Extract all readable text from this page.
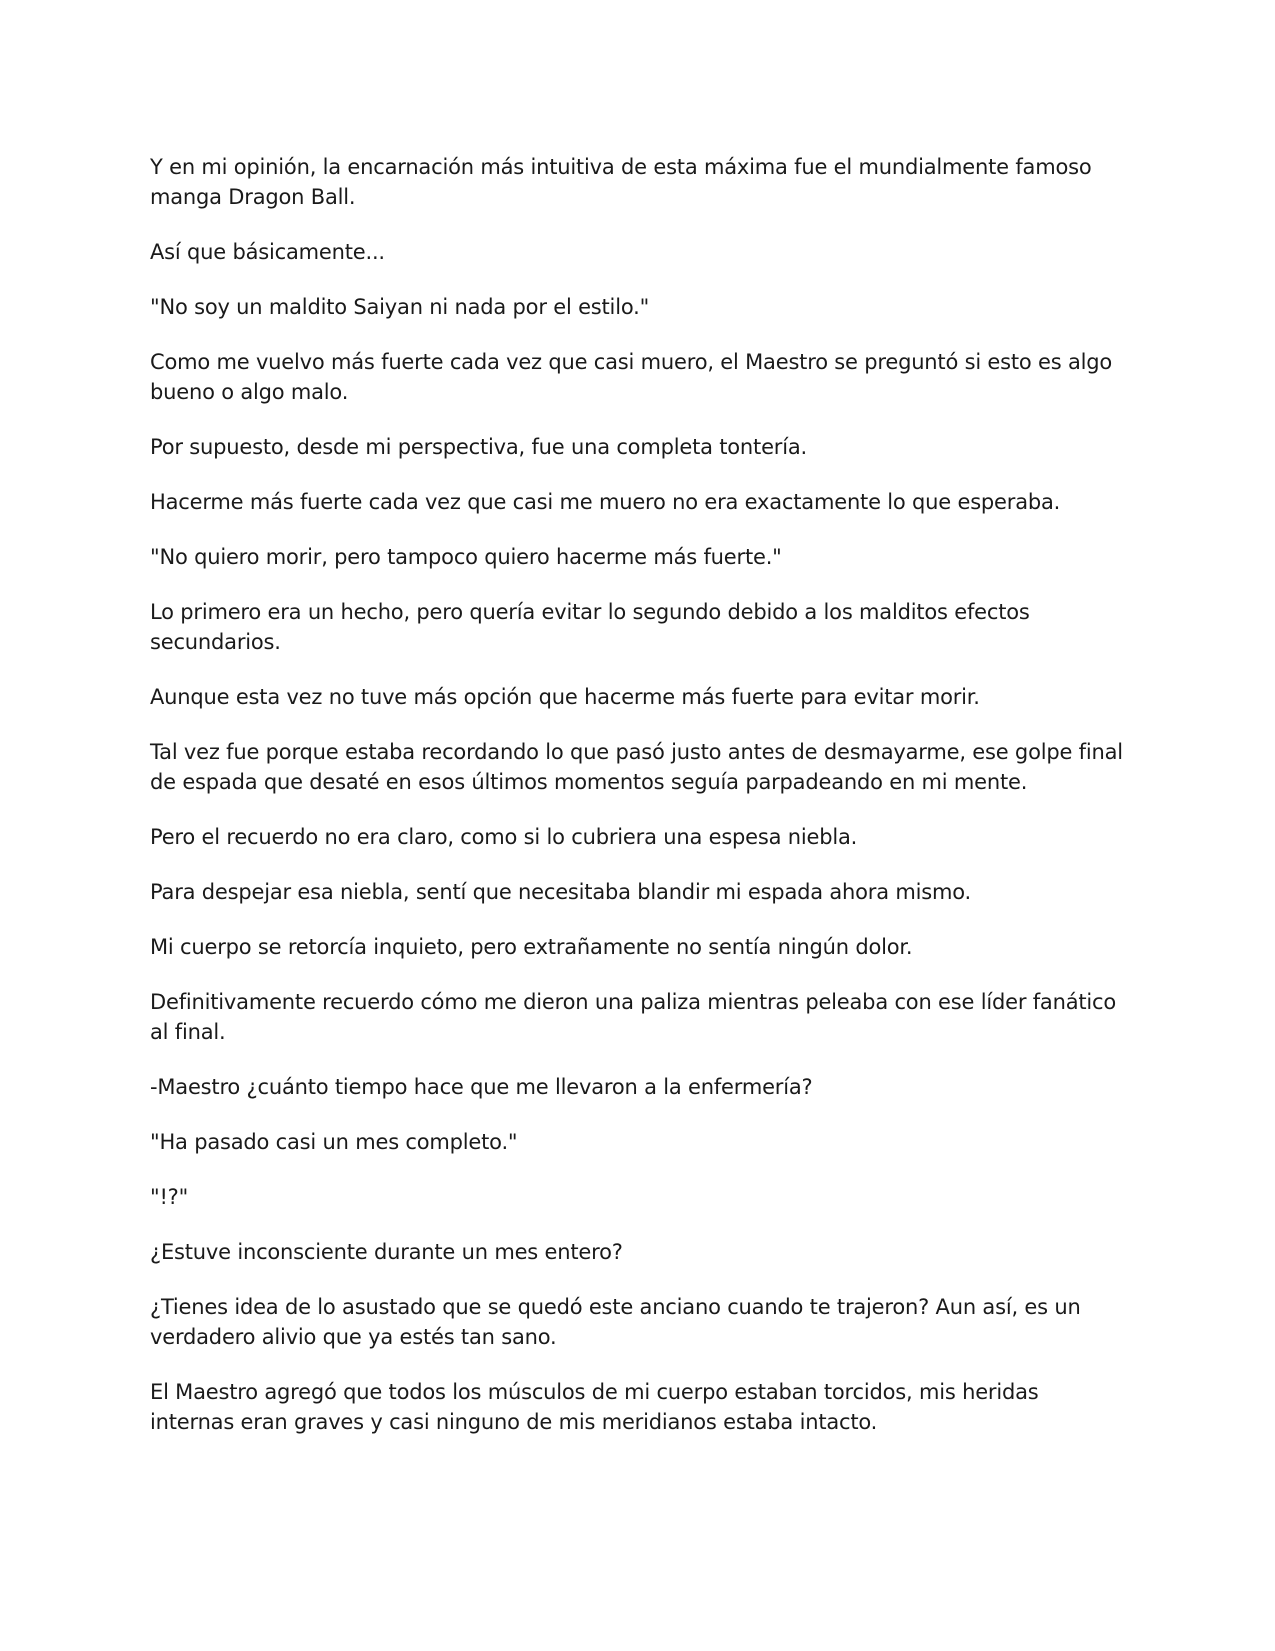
Y en mi opinión, la encarnación más intuitiva de esta máxima fue el mundialmente famoso manga Dragon Ball.

Así que básicamente...

"No soy un maldito Saiyan ni nada por el estilo."

Como me vuelvo más fuerte cada vez que casi muero, el Maestro se preguntó si esto es algo bueno o algo malo.

Por supuesto, desde mi perspectiva, fue una completa tontería.

Hacerme más fuerte cada vez que casi me muero no era exactamente lo que esperaba.

"No quiero morir, pero tampoco quiero hacerme más fuerte."

Lo primero era un hecho, pero quería evitar lo segundo debido a los malditos efectos secundarios.

Aunque esta vez no tuve más opción que hacerme más fuerte para evitar morir.

Tal vez fue porque estaba recordando lo que pasó justo antes de desmayarme, ese golpe final de espada que desaté en esos últimos momentos seguía parpadeando en mi mente.

Pero el recuerdo no era claro, como si lo cubriera una espesa niebla.

Para despejar esa niebla, sentí que necesitaba blandir mi espada ahora mismo.

Mi cuerpo se retorcía inquieto, pero extrañamente no sentía ningún dolor.

Definitivamente recuerdo cómo me dieron una paliza mientras peleaba con ese líder fanático al final.

-Maestro ¿cuánto tiempo hace que me llevaron a la enfermería?

"Ha pasado casi un mes completo."

"!?"

¿Estuve inconsciente durante un mes entero?

¿Tienes idea de lo asustado que se quedó este anciano cuando te trajeron? Aun así, es un verdadero alivio que ya estés tan sano.

El Maestro agregó que todos los músculos de mi cuerpo estaban torcidos, mis heridas internas eran graves y casi ninguno de mis meridianos estaba intacto.
